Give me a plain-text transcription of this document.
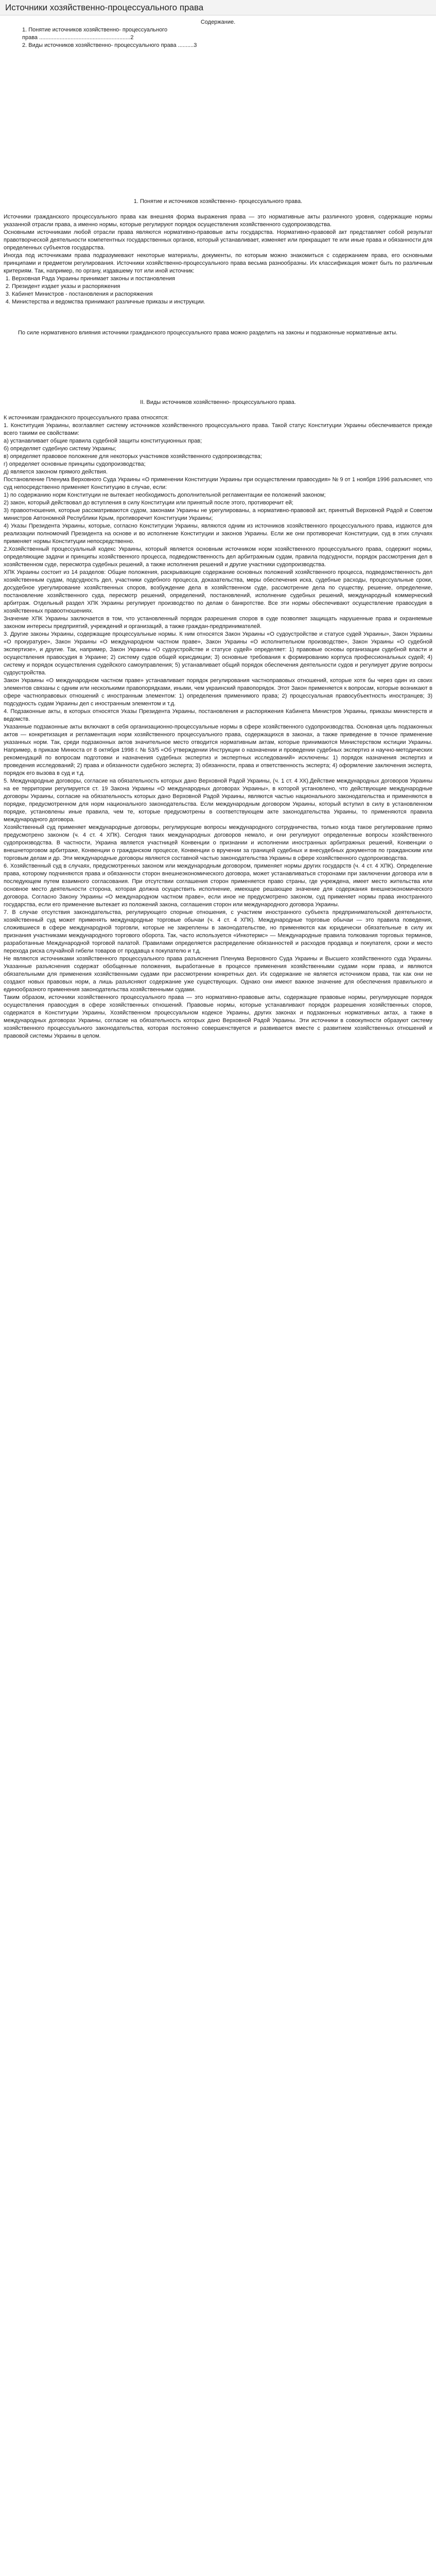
Источники хозяйственно-процессуального права

Содержание.

1. Понятие источников хозяйственно- процессуального
права ..........................................................2
2. Виды источников хозяйственно- процессуального права ..........3

1. Понятие и источников хозяйственно- процессуального права.

Источники гражданского процессуального права как внешняя форма выражения права — это нормативные акты различного уровня, содержащие нормы указанной отрасли права, а именно нормы, которые регулируют порядок осуществления хозяйственного судопроизводства.

Основными источниками любой отрасли права являются нормативно-правовые акты государства. Нормативно-правовой акт представляет собой результат правотворческой деятельности компетентных государственных органов, который устанавливает, изменяет или прекращает те или иные права и обязанности для определенных субъектов государства.

Иногда под источниками права подразумевают некоторые материалы, документы, по которым можно знакомиться с содержанием права, его основными принципами и предметом регулирования. Источники хозяйственно-процессуального права весьма разнообразны. Их классификация может быть по различным критериям. Так, например, по органу, издавшему тот или иной источник:

1. Верховная Рада Украины принимает законы и постановления
2. Президент издает указы и распоряжения
3. Кабинет Министров - постановления и распоряжения
4. Министерства и ведомства принимают различные приказы и инструкции.

По силе нормативного влияния источники гражданского процессуального права можно разделить на законы и подзаконные нормативные акты.

II. Виды источников хозяйственно- процессуального права.

К источникам гражданского процессуального права относятся:

1. Конституция Украины, возглавляет систему источников хозяйственного процессуального права. Такой статус Конституции Украины обеспечивается прежде всего такими ее свойствами:

а) устанавливает общие правила судебной защиты конституционных прав;

б) определяет судебную систему Украины;

в) определяет правовое положение для некоторых участников хозяйственного судопроизводства;

г) определяет основные принципы судопроизводства;

д) является законом прямого действия.

Постановление Пленума Верховного Суда Украины «О применении Конституции Украины при осуществлении правосудия» № 9 от 1 ноября 1996 разъясняет, что суд непосредственно применяет Конституцию в случае, если:

1) по содержанию норм Конституции не вытекает необходимость дополнительной регламентации ее положений законом;

2) закон, который действовал до вступления в силу Конституции или принятый после этого, противоречит ей;

3) правоотношения, которые рассматриваются судом, законами Украины не урегулированы, а нормативно-правовой акт, принятый Верховной Радой и Советом министров Автономной Республики Крым, противоречит Конституции Украины;

4) Указы Президента Украины, которые, согласно Конституции Украины, являются одним из источников хозяйственного процессуального права, издаются для реализации полномочий Президента на основе и во исполнение Конституции и законов Украины. Если же они противоречат Конституции, суд в этих случаях применяет нормы Конституции непосредственно.

2.Хозяйственный процессуальный кодекс Украины, который является основным источником норм хозяйственного процессуального права, содержит нормы, определяющие задачи и принципы хозяйственного процесса, подведомственность дел арбитражным судам, правила подсудности, порядок рассмотрения дел в хозяйственном суде, пересмотра судебных решений, а также исполнения решений и другие участники судопроизводства.

ХПК Украины состоит из 14 разделов: Общие положения, раскрывающие содержание основных положений хозяйственного процесса, подведомственность дел хозяйственным судам, подсудность дел, участники судебного процесса, доказательства, меры обеспечения иска, судебные расходы, процессуальные сроки, досудебное урегулирование хозяйственных споров, возбуждение дела в хозяйственном суде, рассмотрение дела по существу, решение, определение, постановление хозяйственного суда, пересмотр решений, определений, постановлений, исполнение судебных решений, международный коммерческий арбитраж. Отдельный раздел ХПК Украины регулирует производство по делам о банкротстве. Все эти нормы обеспечивают осуществление правосудия в хозяйственных правоотношениях.

Значение ХПК Украины заключается в том, что установленный порядок разрешения споров в суде позволяет защищать нарушенные права и охраняемые законом интересы предприятий, учреждений и организаций, а также граждан-предпринимателей.

3. Другие законы Украины, содержащие процессуальные нормы. К ним относятся Закон Украины «О судоустройстве и статусе судей Украины», Закон Украины «О прокуратуре», Закон Украины «О международном частном праве», Закон Украины «О исполнительном производстве», Закон Украины «О судебной экспертизе», и другие. Так, например, Закон Украины «О судоустройстве и статусе судей» определяет: 1) правовые основы организации судебной власти и осуществления правосудия в Украине; 2) систему судов общей юрисдикции; 3) основные требования к формированию корпуса профессиональных судей; 4) систему и порядок осуществления судейского самоуправления; 5) устанавливает общий порядок обеспечения деятельности судов и регулирует другие вопросы судоустройства.

Закон Украины «О международном частном праве» устанавливает порядок регулирования частноправовых отношений, которые хотя бы через один из своих элементов связаны с одним или несколькими правопорядками, иными, чем украинский правопорядок. Этот Закон применяется к вопросам, которые возникают в сфере частноправовых отношений с иностранным элементом: 1) определения применимого права; 2) процессуальная правосубъектность иностранцев; 3) подсудность судам Украины дел с иностранным элементом и т.д.

4. Подзаконные акты, в которых относятся Указы Президента Украины, постановления и распоряжения Кабинета Министров Украины, приказы министерств и ведомств.

Указанные подзаконные акты включают в себя организационно-процессуальные нормы в сфере хозяйственного судопроизводства. Основная цель подзаконных актов — конкретизация и регламентация норм хозяйственного процессуального права, содержащихся в законах, а также приведение в точное применение указанных норм. Так, среди подзаконных актов значительное место отводится нормативным актам, которые принимаются Министерством юстиции Украины. Например, в приказе Минюста от 8 октября 1998 г. № 53/5 «Об утверждении Инструкции о назначении и проведении судебных экспертиз и научно-методических рекомендаций по вопросам подготовки и назначения судебных экспертиз и экспертных исследований» исключены: 1) порядок назначения экспертиз и проведения исследований; 2) права и обязанности судебного эксперта; 3) обязанности, права и ответственность эксперта; 4) оформление заключения эксперта, порядок его вызова в суд и т.д.

5. Международные договоры, согласие на обязательность которых дано Верховной Радой Украины, (ч. 1 ст. 4 ХК).Действие международных договоров Украины на ее территории регулируется ст. 19 Закона Украины «О международных договорах Украины», в которой установлено, что действующие международные договоры Украины, согласие на обязательность которых дано Верховной Радой Украины, являются частью национального законодательства и применяются в порядке, предусмотренном для норм национального законодательства. Если международным договором Украины, который вступил в силу в установленном порядке, установлены иные правила, чем те, которые предусмотрены в соответствующем акте законодательства Украины, то применяются правила международного договора.

Хозяйственный суд применяет международные договоры, регулирующие вопросы международного сотрудничества, только когда такое регулирование прямо предусмотрено законом (ч. 4 ст. 4 ХПК). Сегодня таких международных договоров немало, и они регулируют определенные вопросы хозяйственного судопроизводства. В частности, Украина является участницей Конвенции о признании и исполнении иностранных арбитражных решений, Конвенции о внешнеторговом арбитраже, Конвенции о гражданском процессе, Конвенции о вручении за границей судебных и внесудебных документов по гражданским или торговым делам и др. Эти международные договоры являются составной частью законодательства Украины в сфере хозяйственного судопроизводства.

6. Хозяйственный суд в случаях, предусмотренных законом или международным договором, применяет нормы других государств (ч. 4 ст. 4 ХПК). Определение права, которому подчиняются права и обязанности сторон внешнеэкономического договора, может устанавливаться сторонами при заключении договора или в последующем путем взаимного согласования. При отсутствии соглашения сторон применяется право страны, где учреждена, имеет место жительства или основное место деятельности сторона, которая должна осуществить исполнение, имеющее решающее значение для содержания внешнеэкономического договора. Согласно Закону Украины «О международном частном праве», если иное не предусмотрено законом, суд применяет нормы права иностранного государства, если его применение вытекает из положений закона, соглашения сторон или международного договора Украины.

7. В случае отсутствия законодательства, регулирующего спорные отношения, с участием иностранного субъекта предпринимательской деятельности, хозяйственный суд может применять международные торговые обычаи (ч. 4 ст. 4 ХПК). Международные торговые обычаи — это правила поведения, сложившиеся в сфере международной торговли, которые не закреплены в законодательстве, но применяются как юридически обязательные в силу их признания участниками международного торгового оборота. Так, часто используется «Инкотермс» — Международные правила толкования торговых терминов, разработанные Международной торговой палатой. Правилами определяется распределение обязанностей и расходов продавца и покупателя, сроки и место перехода риска случайной гибели товаров от продавца к покупателю и т.д.

Не являются источниками хозяйственного процессуального права разъяснения Пленума Верховного Суда Украины и Высшего хозяйственного суда Украины. Указанные разъяснения содержат обобщенные положения, выработанные в процессе применения хозяйственными судами норм права, и являются обязательными для применения хозяйственными судами при рассмотрении конкретных дел. Их содержание не является источником права, так как они не создают новых правовых норм, а лишь разъясняют содержание уже существующих. Однако они имеют важное значение для обеспечения правильного и единообразного применения законодательства хозяйственными судами.

Таким образом, источники хозяйственного процессуального права — это нормативно-правовые акты, содержащие правовые нормы, регулирующие порядок осуществления правосудия в сфере хозяйственных отношений. Правовые нормы, которые устанавливают порядок разрешения хозяйственных споров, содержатся в Конституции Украины, Хозяйственном процессуальном кодексе Украины, других законах и подзаконных нормативных актах, а также в международных договорах Украины, согласие на обязательность которых дано Верховной Радой Украины. Эти источники в совокупности образуют систему хозяйственного процессуального законодательства, которая постоянно совершенствуется и развивается вместе с развитием хозяйственных отношений и правовой системы Украины в целом.
